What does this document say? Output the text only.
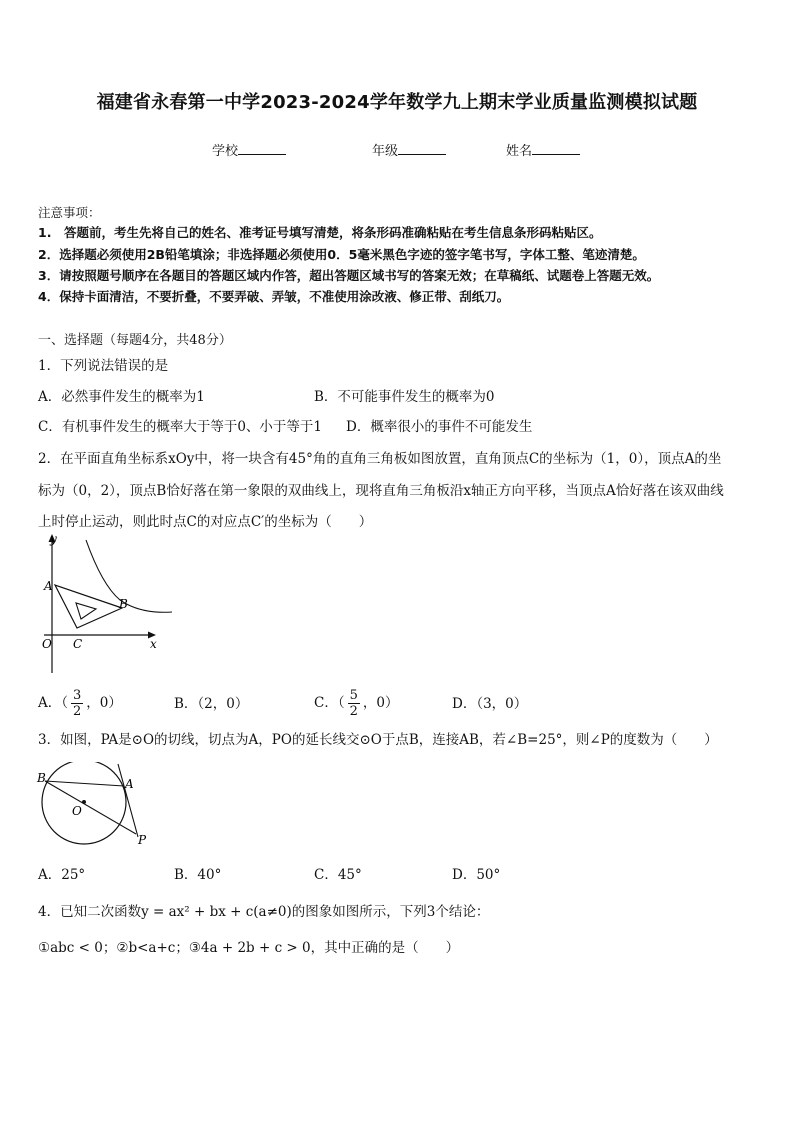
福建省永春第一中学2023-2024学年数学九上期末学业质量监测模拟试题
学校	年级	姓名
注意事项：
1.　答题前，考生先将自己的姓名、准考证号填写清楚，将条形码准确粘贴在考生信息条形码粘贴区。
2．选择题必须使用2B铅笔填涂；非选择题必须使用0．5毫米黑色字迹的签字笔书写，字体工整、笔迹清楚。
3．请按照题号顺序在各题目的答题区域内作答，超出答题区域书写的答案无效；在草稿纸、试题卷上答题无效。
4．保持卡面清洁，不要折叠，不要弄破、弄皱，不准使用涂改液、修正带、刮纸刀。
一、选择题（每题4分，共48分）
1．下列说法错误的是
A．必然事件发生的概率为1	B．不可能事件发生的概率为0
C．有机事件发生的概率大于等于0、小于等于1 D．概率很小的事件不可能发生
2．在平面直角坐标系xOy中，将一块含有45°角的直角三角板如图放置，直角顶点C的坐标为（1，0），顶点A的坐
标为（0，2），顶点B恰好落在第一象限的双曲线上，现将直角三角板沿x轴正方向平移，当顶点A恰好落在该双曲线
上时停止运动，则此时点C的对应点C′的坐标为（　　）
y
x
A
B
C
O
A．（ $\frac{3}{2}$ ，0）	B．（2，0）	C．（ $\frac{5}{2}$ ，0）	D．（3，0）
3．如图，PA是⊙O的切线，切点为A，PO的延长线交⊙O于点B，连接AB，若∠B=25°，则∠P的度数为（　　）
B	A
O
P
A．25°	B．40°	C．45°	D．50°
4．已知二次函数y = ax² + bx + c(a≠0)的图象如图所示，下列3个结论：
①abc < 0；②b<a+c；③4a + 2b + c > 0，其中正确的是（　　）
